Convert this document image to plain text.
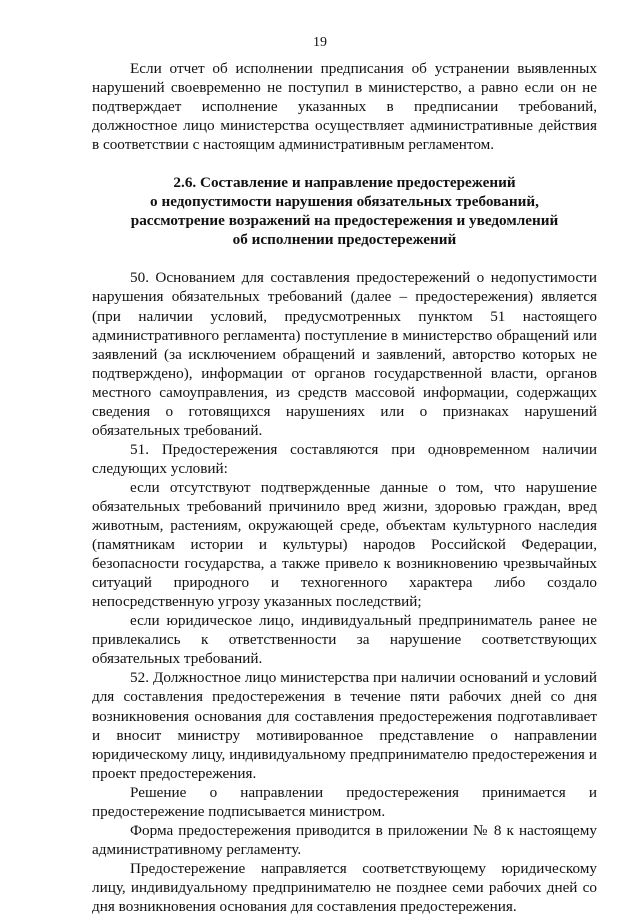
19

Если отчет об исполнении предписания об устранении выявленных нарушений своевременно не поступил в министерство, а равно если он не подтверждает исполнение указанных в предписании требований, должностное лицо министерства осуществляет административные действия в соответствии с настоящим административным регламентом.

2.6. Составление и направление предостережений
о недопустимости нарушения обязательных требований,
рассмотрение возражений на предостережения и уведомлений
об исполнении предостережений

50. Основанием для составления предостережений о недопустимости нарушения обязательных требований (далее – предостережения) является (при наличии условий, предусмотренных пунктом 51 настоящего административного регламента) поступление в министерство обращений или заявлений (за исключением обращений и заявлений, авторство которых не подтверждено), информации от органов государственной власти, органов местного самоуправления, из средств массовой информации, содержащих сведения о готовящихся нарушениях или о признаках нарушений обязательных требований.

51. Предостережения составляются при одновременном наличии следующих условий:

если отсутствуют подтвержденные данные о том, что нарушение обязательных требований причинило вред жизни, здоровью граждан, вред животным, растениям, окружающей среде, объектам культурного наследия (памятникам истории и культуры) народов Российской Федерации, безопасности государства, а также привело к возникновению чрезвычайных ситуаций природного и техногенного характера либо создало непосредственную угрозу указанных последствий;

если юридическое лицо, индивидуальный предприниматель ранее не привлекались к ответственности за нарушение соответствующих обязательных требований.

52. Должностное лицо министерства при наличии оснований и условий для составления предостережения в течение пяти рабочих дней со дня возникновения основания для составления предостережения подготавливает и вносит министру мотивированное представление о направлении юридическому лицу, индивидуальному предпринимателю предостережения и проект предостережения.

Решение о направлении предостережения принимается и предостережение подписывается министром.

Форма предостережения приводится в приложении № 8 к настоящему административному регламенту.

Предостережение направляется соответствующему юридическому лицу, индивидуальному предпринимателю не позднее семи рабочих дней со дня возникновения основания для составления предостережения.
